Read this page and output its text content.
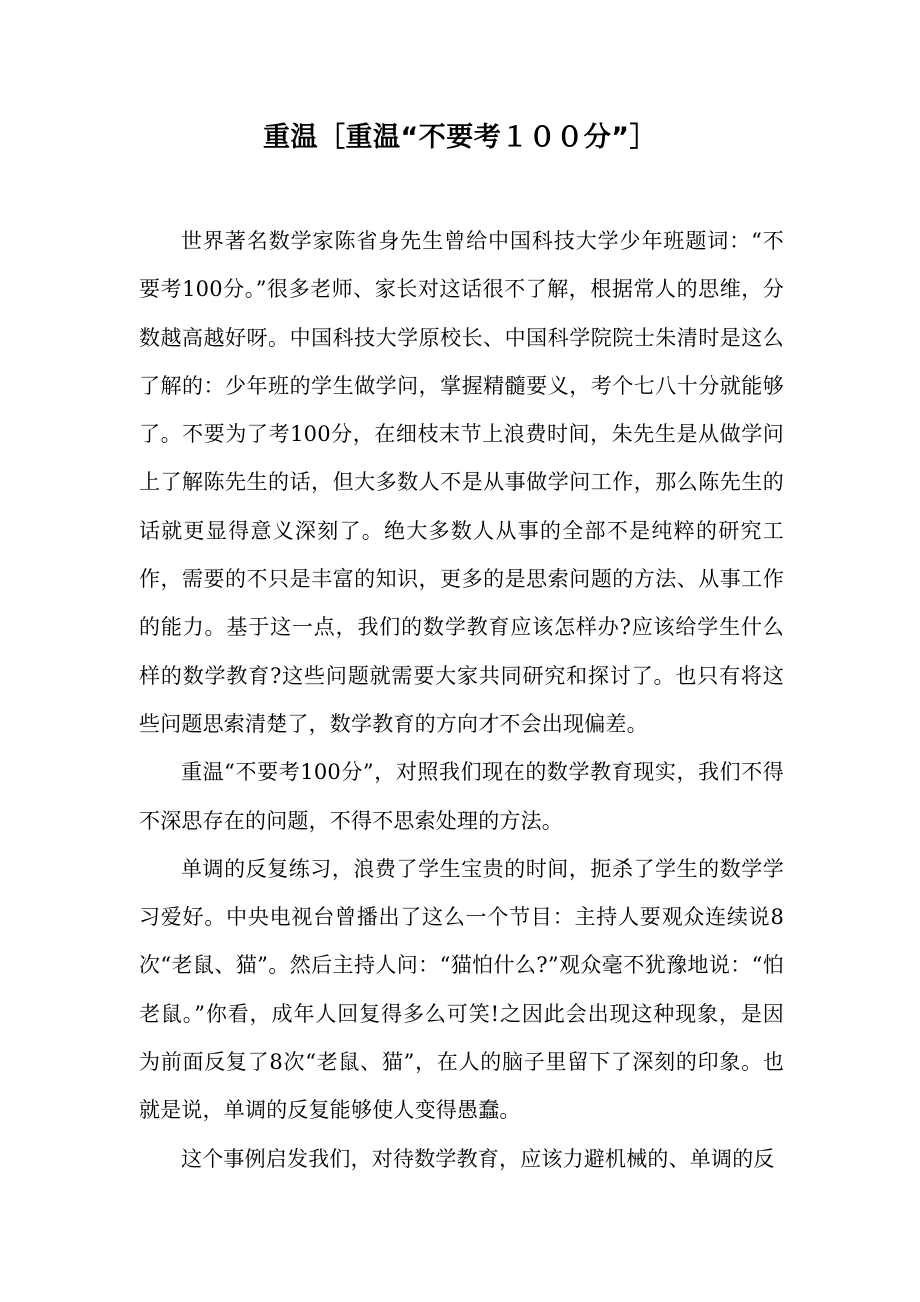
重温［重温“不要考１００分”］

世界著名数学家陈省身先生曾给中国科技大学少年班题词：“不要考100分。”很多老师、家长对这话很不了解，根据常人的思维，分数越高越好呀。中国科技大学原校长、中国科学院院士朱清时是这么了解的：少年班的学生做学问，掌握精髓要义，考个七八十分就能够了。不要为了考100分，在细枝末节上浪费时间，朱先生是从做学问上了解陈先生的话，但大多数人不是从事做学问工作，那么陈先生的话就更显得意义深刻了。绝大多数人从事的全部不是纯粹的研究工作，需要的不只是丰富的知识，更多的是思索问题的方法、从事工作的能力。基于这一点，我们的数学教育应该怎样办?应该给学生什么样的数学教育?这些问题就需要大家共同研究和探讨了。也只有将这些问题思索清楚了，数学教育的方向才不会出现偏差。

重温“不要考100分”，对照我们现在的数学教育现实，我们不得不深思存在的问题，不得不思索处理的方法。

单调的反复练习，浪费了学生宝贵的时间，扼杀了学生的数学学习爱好。中央电视台曾播出了这么一个节目：主持人要观众连续说8次“老鼠、猫”。然后主持人问：“猫怕什么?”观众毫不犹豫地说：“怕老鼠。”你看，成年人回复得多么可笑!之因此会出现这种现象，是因为前面反复了8次“老鼠、猫”，在人的脑子里留下了深刻的印象。也就是说，单调的反复能够使人变得愚蠢。

这个事例启发我们，对待数学教育，应该力避机械的、单调的反
